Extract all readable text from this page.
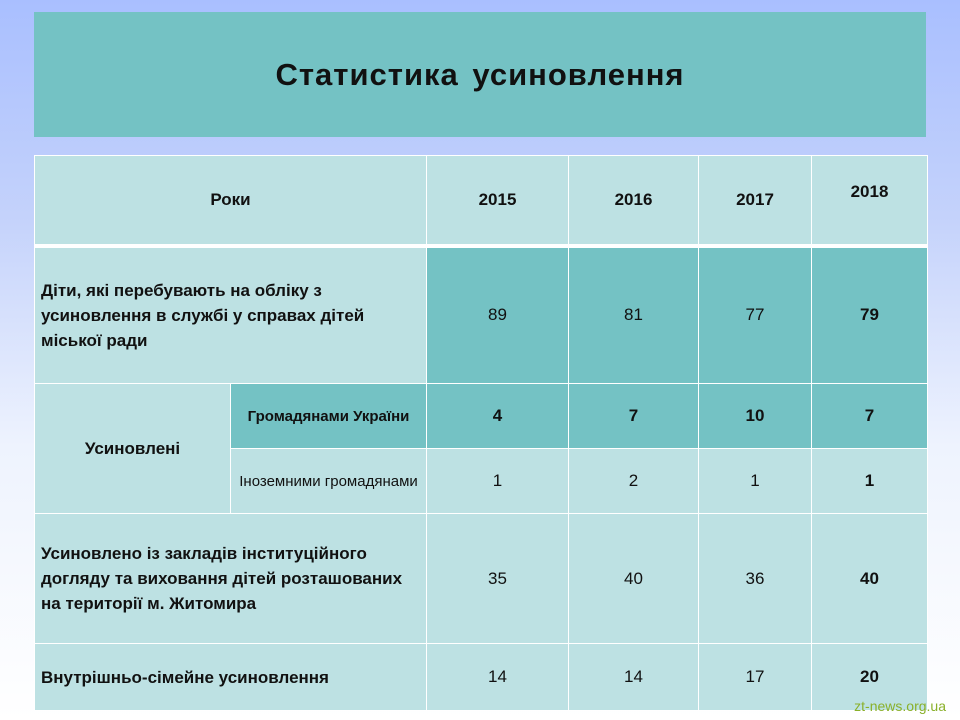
Статистика усиновлення
Роки		2015	2016	2017	2018
Діти, які перебувають на обліку з усиновлення в службі у справах дітей міської ради		89	81	77	79
Усиновлені	Громадянами України	4	7	10	7
	Іноземними громадянами	1	2	1	1
Усиновлено із закладів інституційного догляду та виховання дітей розташованих на території м. Житомира		35	40	36	40
Внутрішньо-сімейне усиновлення		14	14	17	20
zt-news.org.ua
